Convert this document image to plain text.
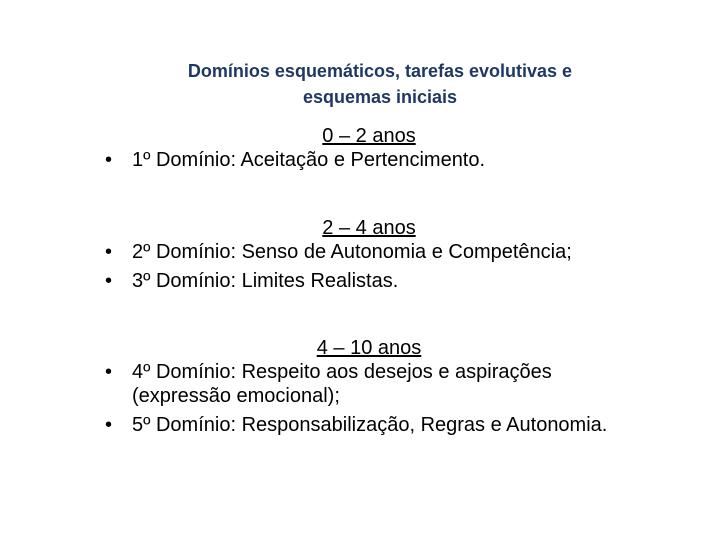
Domínios esquemáticos, tarefas evolutivas e esquemas iniciais
0 – 2 anos
• 1º Domínio: Aceitação e Pertencimento.
2 – 4 anos
• 2º Domínio: Senso de Autonomia e Competência;
• 3º Domínio: Limites Realistas.
4 – 10 anos
• 4º Domínio: Respeito aos desejos e aspirações (expressão emocional);
• 5º Domínio: Responsabilização, Regras e Autonomia.
